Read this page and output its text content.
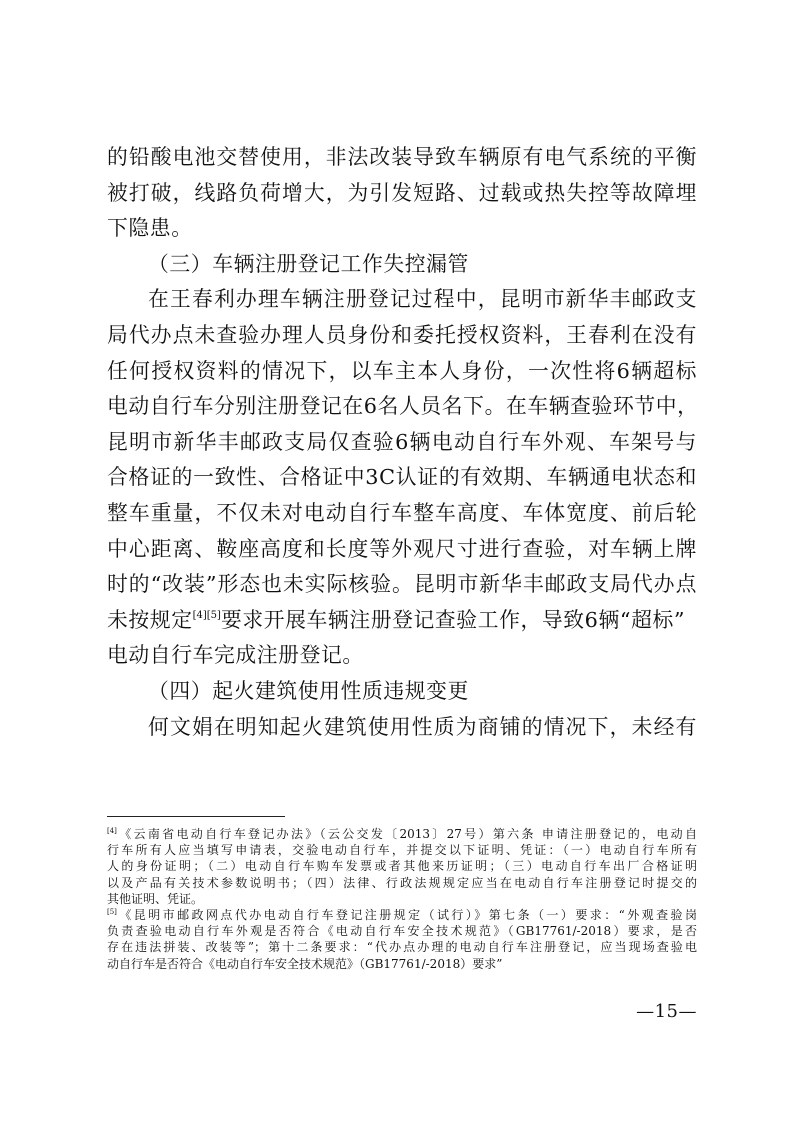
的铅酸电池交替使用，非法改装导致车辆原有电气系统的平衡
被打破，线路负荷增大，为引发短路、过载或热失控等故障埋
下隐患。
（三）车辆注册登记工作失控漏管
在王春利办理车辆注册登记过程中，昆明市新华丰邮政支
局代办点未查验办理人员身份和委托授权资料，王春利在没有
任何授权资料的情况下，以车主本人身份，一次性将6辆超标
电动自行车分别注册登记在6名人员名下。在车辆查验环节中，
昆明市新华丰邮政支局仅查验6辆电动自行车外观、车架号与
合格证的一致性、合格证中3C认证的有效期、车辆通电状态和
整车重量，不仅未对电动自行车整车高度、车体宽度、前后轮
中心距离、鞍座高度和长度等外观尺寸进行查验，对车辆上牌
时的“改装”形态也未实际核验。昆明市新华丰邮政支局代办点
未按规定[4][5]要求开展车辆注册登记查验工作，导致6辆“超标”
电动自行车完成注册登记。
（四）起火建筑使用性质违规变更
何文娟在明知起火建筑使用性质为商铺的情况下，未经有
[4]《云南省电动自行车登记办法》（云公交发〔2013〕27号）第六条 申请注册登记的，电动自
行车所有人应当填写申请表，交验电动自行车，并提交以下证明、凭证：（一）电动自行车所有
人的身份证明；（二）电动自行车购车发票或者其他来历证明；（三）电动自行车出厂合格证明
以及产品有关技术参数说明书；（四）法律、行政法规规定应当在电动自行车注册登记时提交的
其他证明、凭证。
[5]《昆明市邮政网点代办电动自行车登记注册规定（试行）》第七条（一）要求：“外观查验岗
负责查验电动自行车外观是否符合《电动自行车安全技术规范》（GB17761/-2018）要求，是否
存在违法拼装、改装等”；第十二条要求：“代办点办理的电动自行车注册登记，应当现场查验电
动自行车是否符合《电动自行车安全技术规范》（GB17761/-2018）要求”
—15—
